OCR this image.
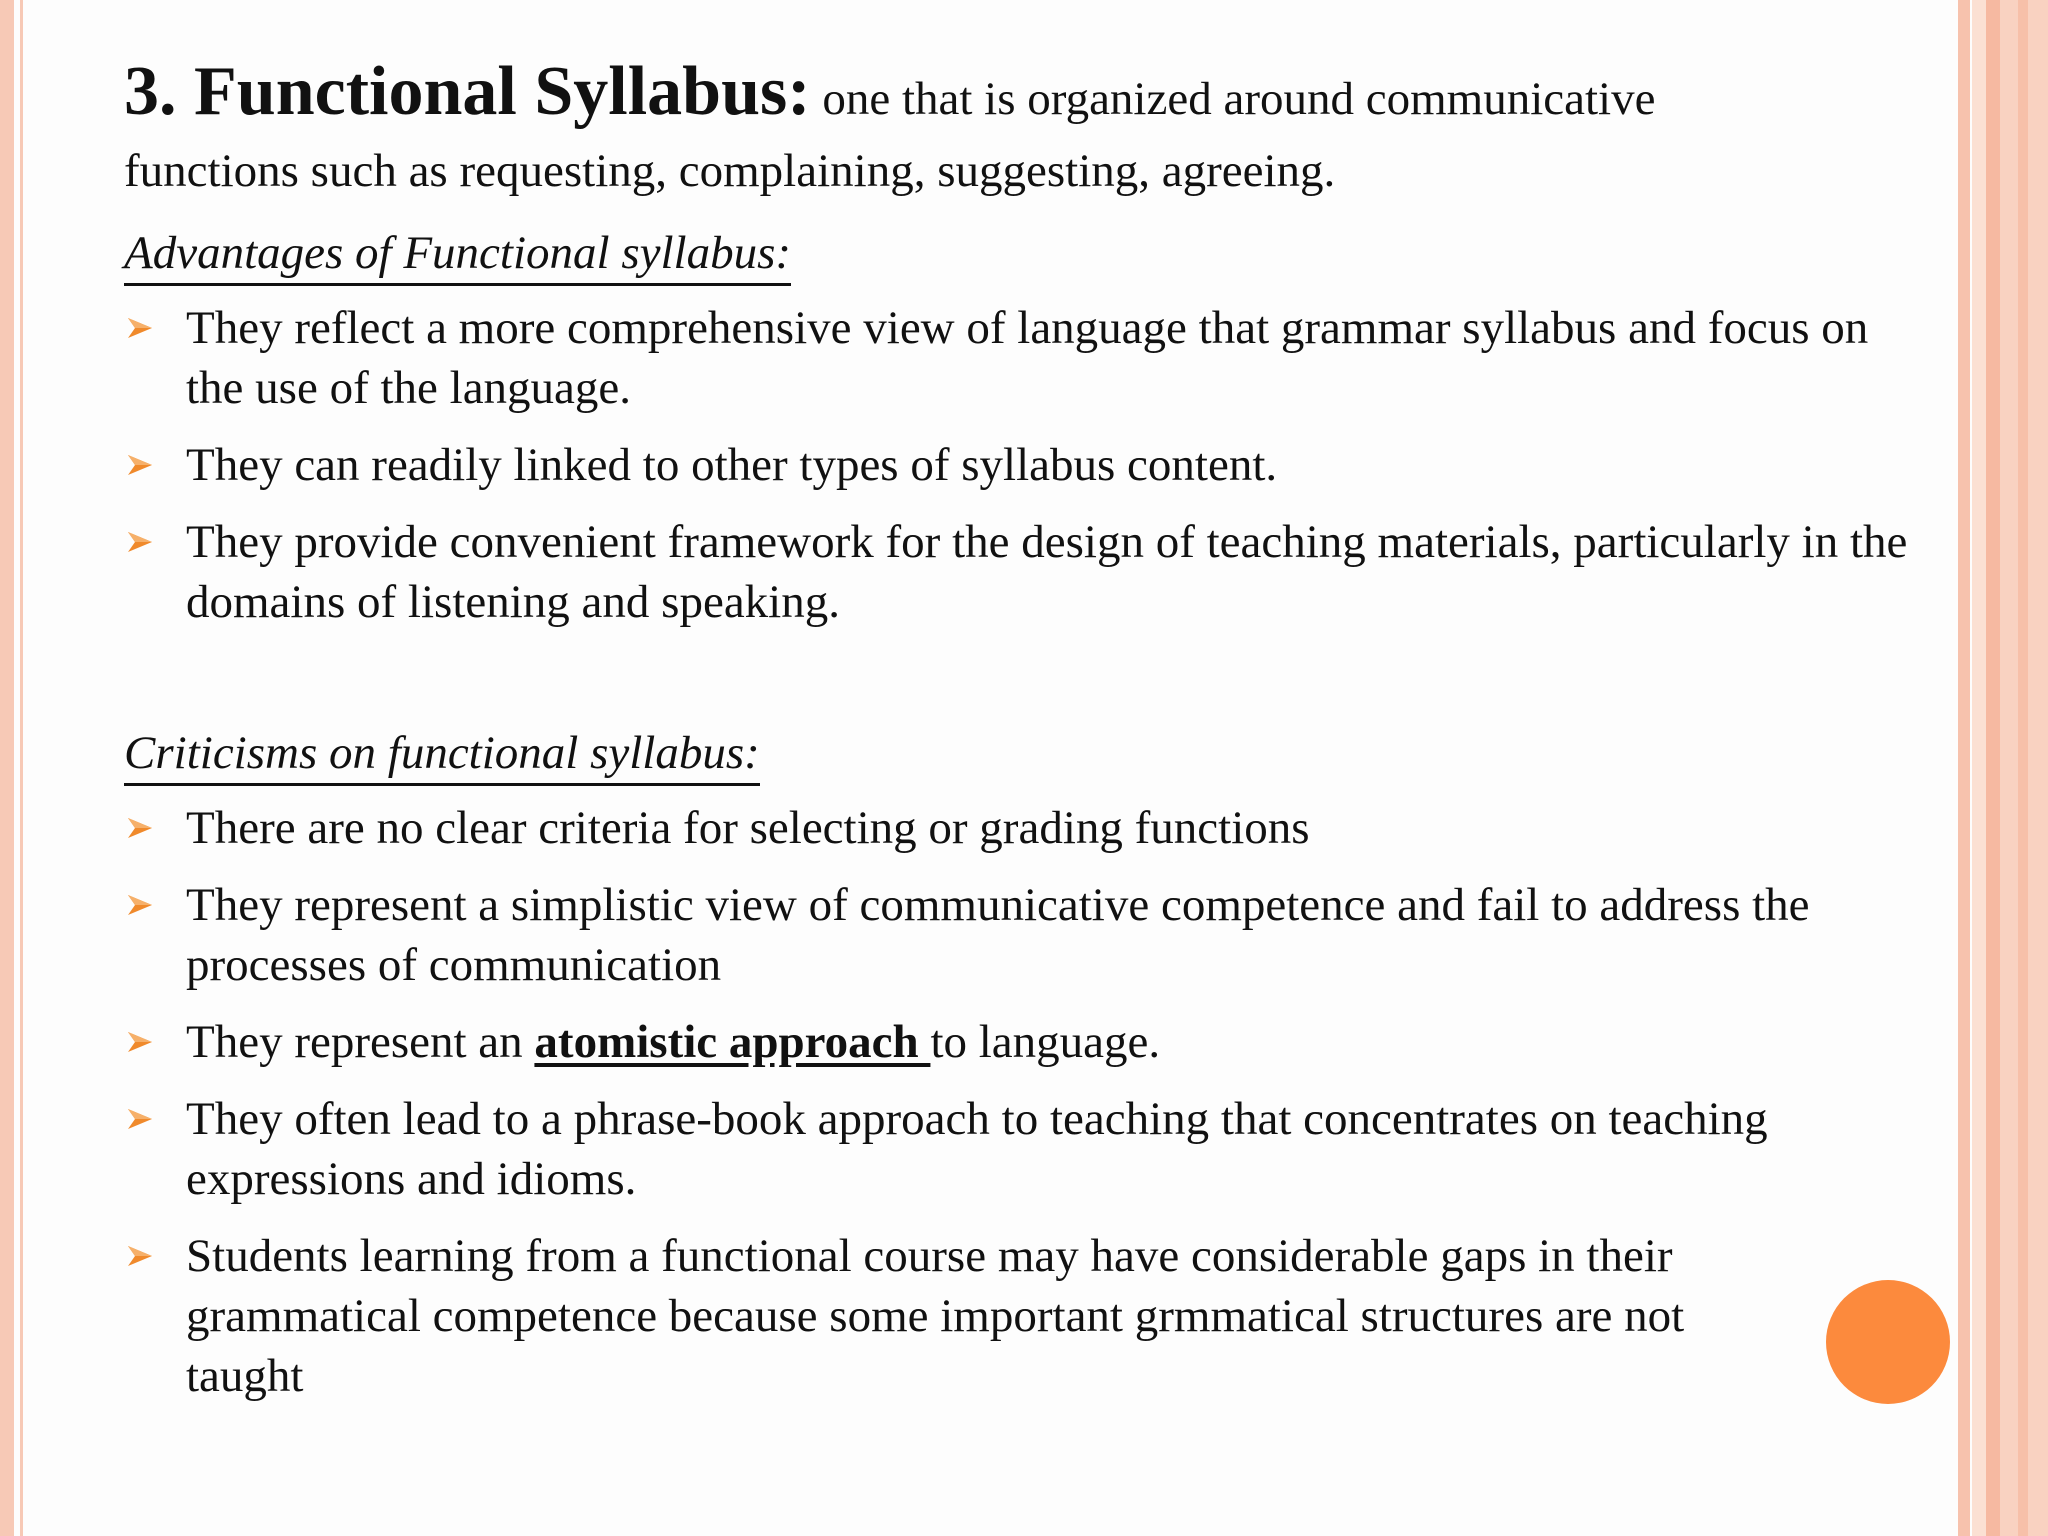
3. Functional Syllabus: one that is organized around communicative

functions such as requesting, complaining, suggesting, agreeing.

Advantages of Functional syllabus:
They reflect a more comprehensive view of language that grammar syllabus and focus on the use of the language.
They can readily linked to other types of syllabus content.
They provide convenient framework for the design of teaching materials, particularly in the domains of listening and speaking.
Criticisms on functional syllabus:
There are no clear criteria for selecting or grading functions
They represent a simplistic view of communicative competence and fail to address the processes of communication
They represent an atomistic approach to language.
They often lead to a phrase-book approach to teaching that concentrates on teaching expressions and idioms.
Students learning from a functional course may have considerable gaps in their grammatical competence because some important grmmatical structures are not taught
